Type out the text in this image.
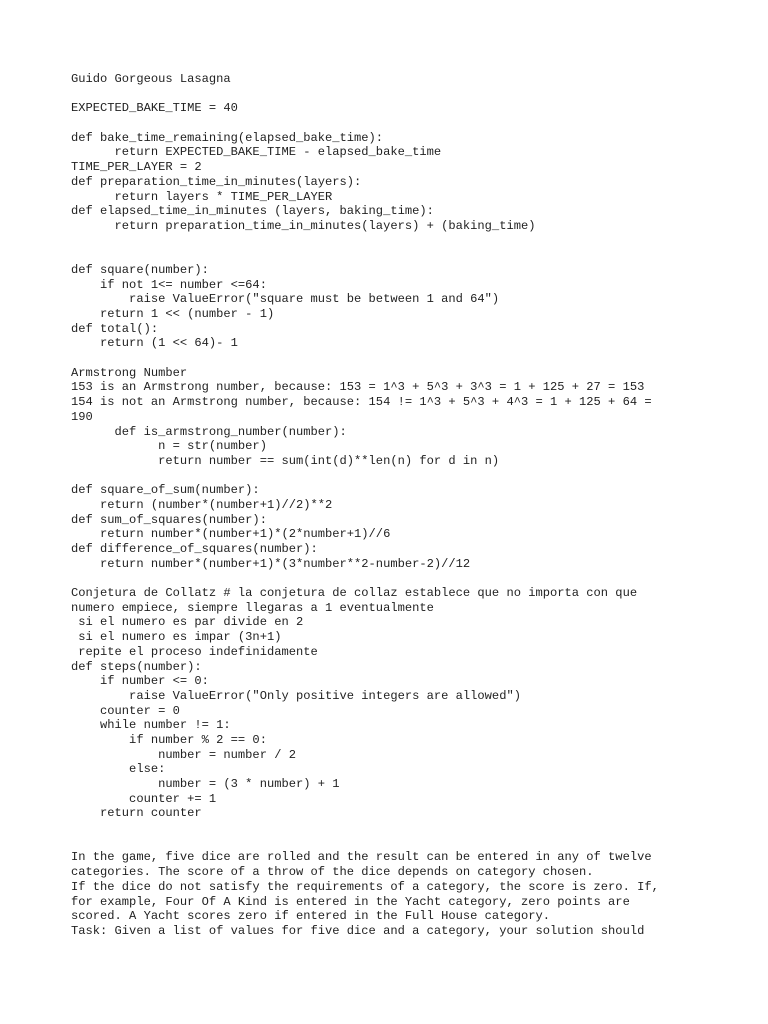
Guido Gorgeous Lasagna
EXPECTED_BAKE_TIME = 40
def bake_time_remaining(elapsed_bake_time):
return EXPECTED_BAKE_TIME - elapsed_bake_time
TIME_PER_LAYER = 2
def preparation_time_in_minutes(layers):
return layers * TIME_PER_LAYER
def elapsed_time_in_minutes (layers, baking_time):
return preparation_time_in_minutes(layers) + (baking_time)
def square(number):
if not 1<= number <=64:
raise ValueError("square must be between 1 and 64")
return 1 << (number - 1)
def total():
return (1 << 64)- 1
Armstrong Number
153 is an Armstrong number, because: 153 = 1^3 + 5^3 + 3^3 = 1 + 125 + 27 = 153
154 is not an Armstrong number, because: 154 != 1^3 + 5^3 + 4^3 = 1 + 125 + 64 =
190
def is_armstrong_number(number):
n = str(number)
return number == sum(int(d)**len(n) for d in n)
def square_of_sum(number):
return (number*(number+1)//2)**2
def sum_of_squares(number):
return number*(number+1)*(2*number+1)//6
def difference_of_squares(number):
return number*(number+1)*(3*number**2-number-2)//12
Conjetura de Collatz # la conjetura de collaz establece que no importa con que
numero empiece, siempre llegaras a 1 eventualmente
si el numero es par divide en 2
si el numero es impar (3n+1)
repite el proceso indefinidamente
def steps(number):
if number <= 0:
raise ValueError("Only positive integers are allowed")
counter = 0
while number != 1:
if number % 2 == 0:
number = number / 2
else:
number = (3 * number) + 1
counter += 1
return counter
In the game, five dice are rolled and the result can be entered in any of twelve
categories. The score of a throw of the dice depends on category chosen.
If the dice do not satisfy the requirements of a category, the score is zero. If,
for example, Four Of A Kind is entered in the Yacht category, zero points are
scored. A Yacht scores zero if entered in the Full House category.
Task: Given a list of values for five dice and a category, your solution should
